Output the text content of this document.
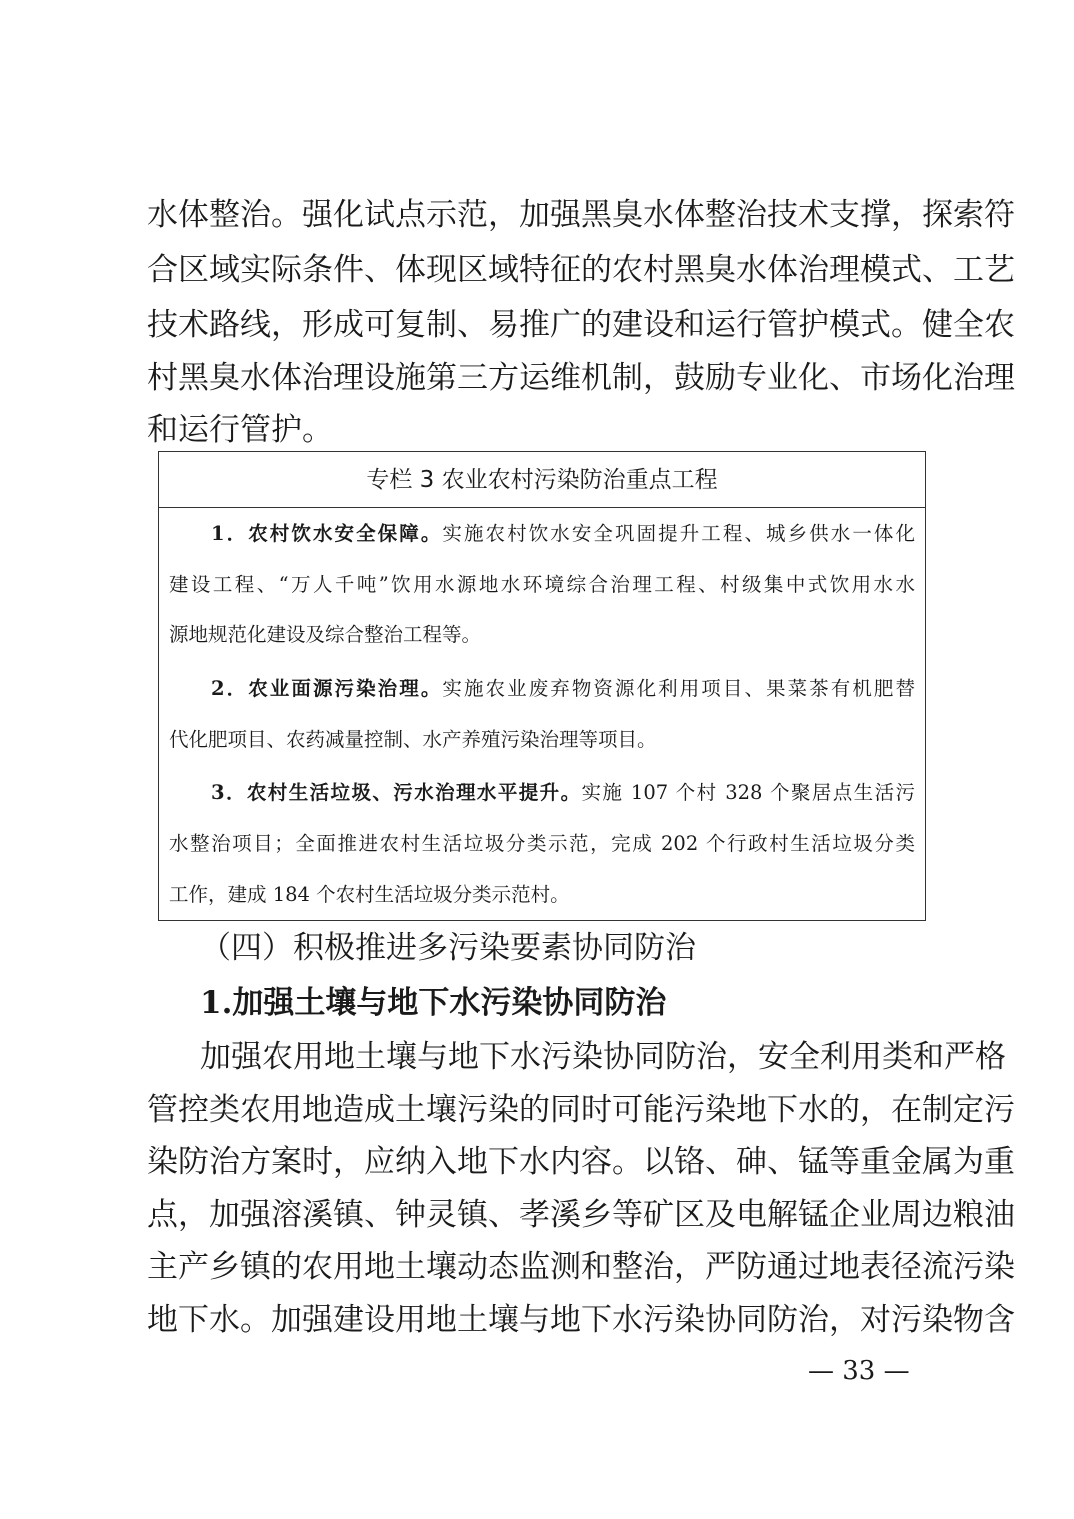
水体整治。强化试点示范，加强黑臭水体整治技术支撑，探索符

合区域实际条件、体现区域特征的农村黑臭水体治理模式、工艺

技术路线，形成可复制、易推广的建设和运行管护模式。健全农

村黑臭水体治理设施第三方运维机制，鼓励专业化、市场化治理

和运行管护。

专栏 3 农业农村污染防治重点工程

1．农村饮水安全保障。实施农村饮水安全巩固提升工程、城乡供水一体化

建设工程、“万人千吨”饮用水源地水环境综合治理工程、村级集中式饮用水水

源地规范化建设及综合整治工程等。

2．农业面源污染治理。实施农业废弃物资源化利用项目、果菜茶有机肥替

代化肥项目、农药减量控制、水产养殖污染治理等项目。

3．农村生活垃圾、污水治理水平提升。实施 107 个村 328 个聚居点生活污

水整治项目；全面推进农村生活垃圾分类示范，完成 202 个行政村生活垃圾分类

工作，建成 184 个农村生活垃圾分类示范村。

（四）积极推进多污染要素协同防治

1.加强土壤与地下水污染协同防治

加强农用地土壤与地下水污染协同防治，安全利用类和严格

管控类农用地造成土壤污染的同时可能污染地下水的，在制定污

染防治方案时，应纳入地下水内容。以铬、砷、锰等重金属为重

点，加强溶溪镇、钟灵镇、孝溪乡等矿区及电解锰企业周边粮油

主产乡镇的农用地土壤动态监测和整治，严防通过地表径流污染

地下水。加强建设用地土壤与地下水污染协同防治，对污染物含

— 33 —
